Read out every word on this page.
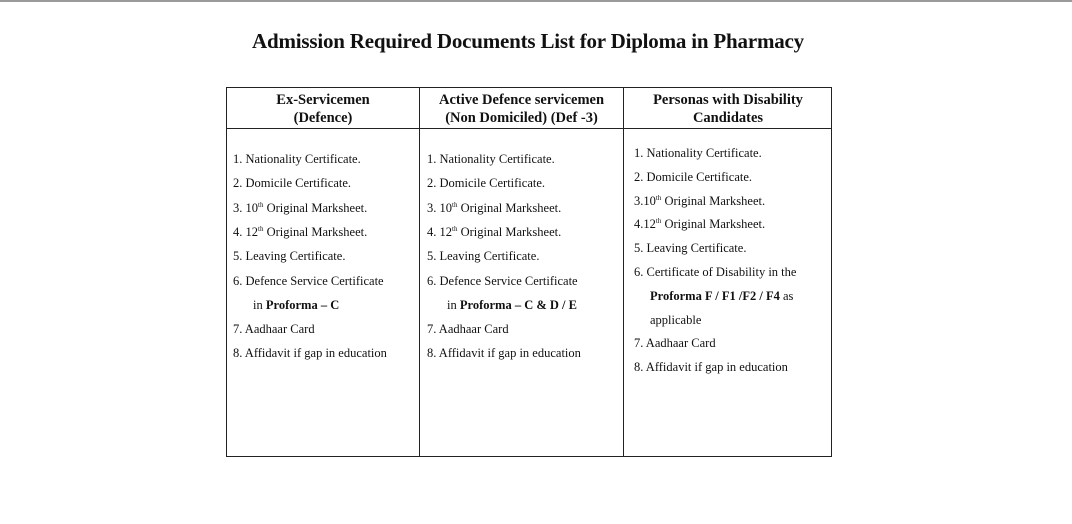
Admission Required Documents List for Diploma in Pharmacy
Ex-Servicemen
(Defence)
Active Defence servicemen
(Non Domiciled) (Def -3)
Personas with Disability
Candidates
1. Nationality Certificate.
2. Domicile Certificate.
3. 10th Original Marksheet.
4. 12th Original Marksheet.
5. Leaving Certificate.
6. Defence Service Certificate
in Proforma – C
7. Aadhaar Card
8. Affidavit if gap in education
1. Nationality Certificate.
2. Domicile Certificate.
3. 10th Original Marksheet.
4. 12th Original Marksheet.
5. Leaving Certificate.
6. Defence Service Certificate
in Proforma – C & D / E
7. Aadhaar Card
8. Affidavit if gap in education
1. Nationality Certificate.
2. Domicile Certificate.
3.10th Original Marksheet.
4.12th Original Marksheet.
5. Leaving Certificate.
6. Certificate of Disability in the
Proforma F / F1 /F2 / F4 as
applicable
7. Aadhaar Card
8. Affidavit if gap in education
